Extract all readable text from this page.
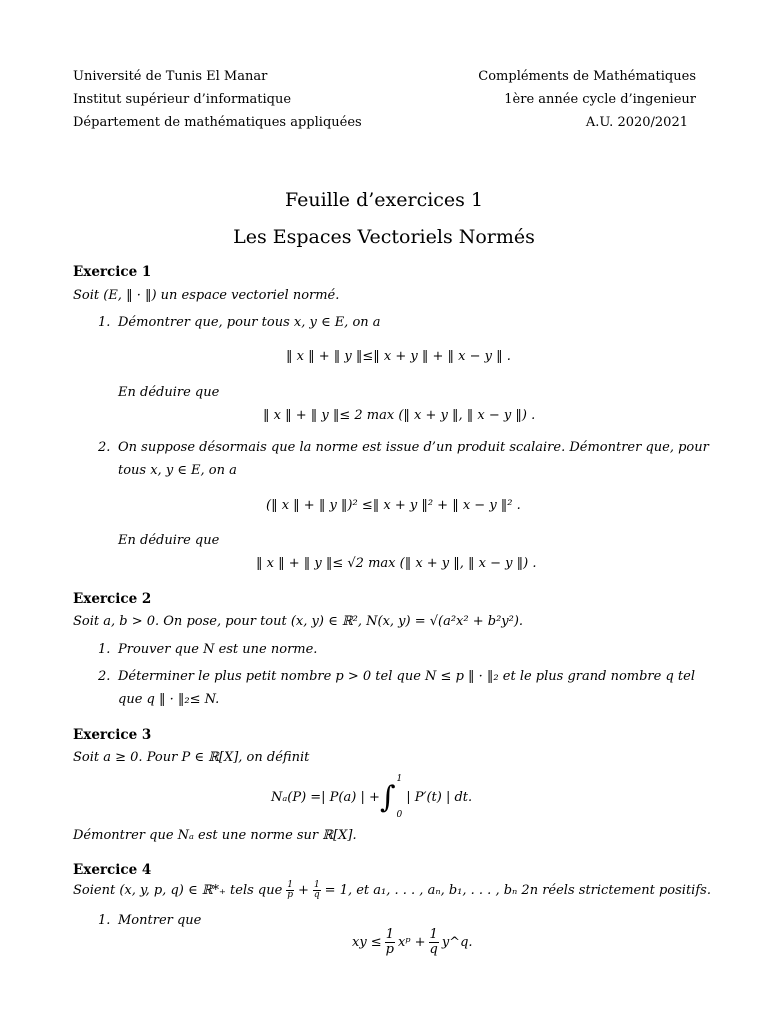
Université de Tunis El Manar
Institut supérieur d’informatique
Département de mathématiques appliquées
Compléments de Mathématiques
1ère année cycle d’ingenieur
A.U. 2020/2021
Feuille d’exercices 1
Les Espaces Vectoriels Normés
Exercice 1
Soit (E, ‖ · ‖) un espace vectoriel normé.
1. Démontrer que, pour tous x, y ∈ E, on a
‖ x ‖ + ‖ y ‖≤‖ x + y ‖ + ‖ x − y ‖ .
En déduire que
‖ x ‖ + ‖ y ‖≤ 2 max (‖ x + y ‖, ‖ x − y ‖) .
2. On suppose désormais que la norme est issue d’un produit scalaire. Démontrer que, pour
tous x, y ∈ E, on a
(‖ x ‖ + ‖ y ‖)² ≤‖ x + y ‖² + ‖ x − y ‖² .
En déduire que
‖ x ‖ + ‖ y ‖≤ √2 max (‖ x + y ‖, ‖ x − y ‖) .
Exercice 2
Soit a, b > 0. On pose, pour tout (x, y) ∈ ℝ², N(x, y) = √(a²x² + b²y²).
1. Prouver que N est une norme.
2. Déterminer le plus petit nombre p > 0 tel que N ≤ p ‖ · ‖₂ et le plus grand nombre q tel
que q ‖ · ‖₂≤ N.
Exercice 3
Soit a ≥ 0. Pour P ∈ ℝ[X], on définit
Nₐ(P) =| P(a) | + ∫
1
0
| P′(t) | dt.
Démontrer que Nₐ est une norme sur ℝ[X].
Exercice 4
Soient (x, y, p, q) ∈ ℝ*₊ tels que $\frac{1}{p} + \frac{1}{q} = 1$, et a₁, . . . , aₙ, b₁, . . . , bₙ 2n réels strictement positifs.
1. Montrer que
xy ≤ $\frac{1}{p}$ xᵖ + $\frac{1}{q}$ y^q.
